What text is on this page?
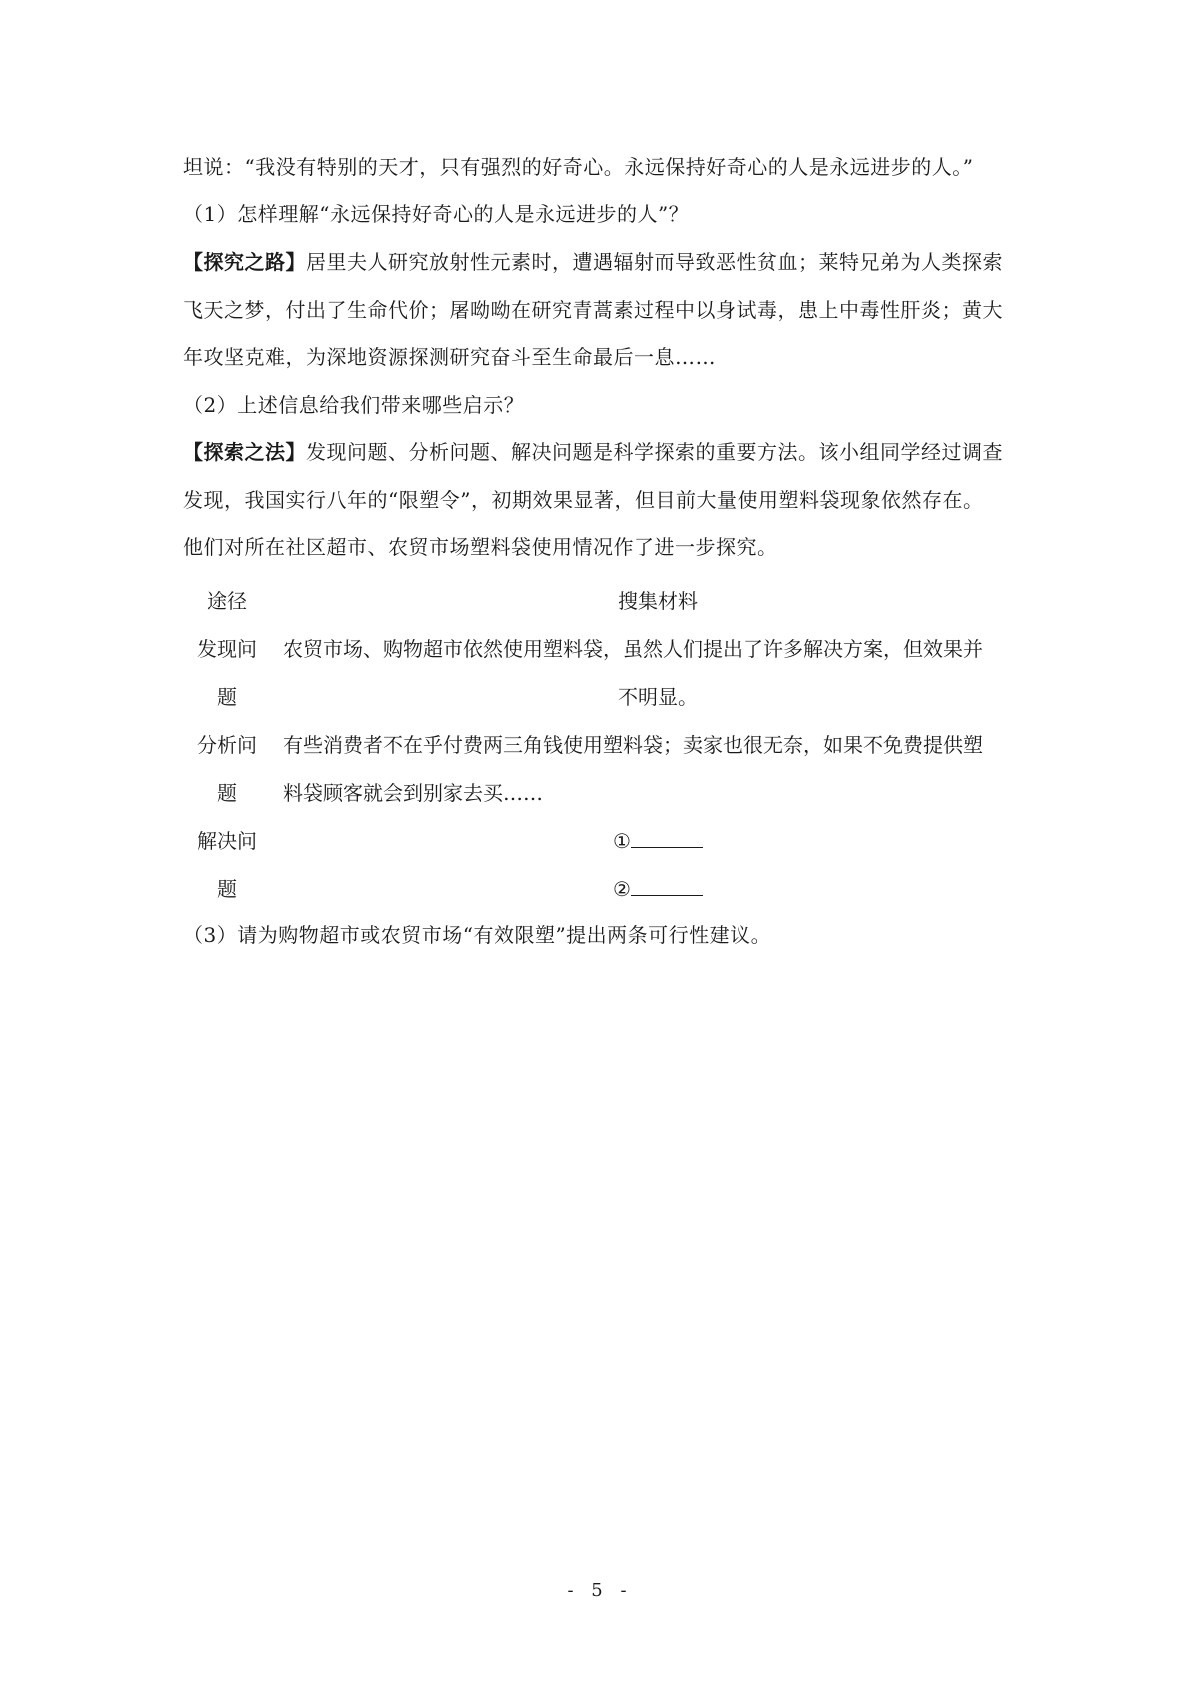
坦说：“我没有特别的天才，只有强烈的好奇心。永远保持好奇心的人是永远进步的人。”
（1）怎样理解“永远保持好奇心的人是永远进步的人”？
【探究之路】居里夫人研究放射性元素时，遭遇辐射而导致恶性贫血；莱特兄弟为人类探索
飞天之梦，付出了生命代价；屠呦呦在研究青蒿素过程中以身试毒，患上中毒性肝炎；黄大
年攻坚克难，为深地资源探测研究奋斗至生命最后一息……
（2）上述信息给我们带来哪些启示？
【探索之法】发现问题、分析问题、解决问题是科学探索的重要方法。该小组同学经过调查
发现，我国实行八年的“限塑令”，初期效果显著，但目前大量使用塑料袋现象依然存在。
他们对所在社区超市、农贸市场塑料袋使用情况作了进一步探究。
途径	搜集材料
发现问
题
农贸市场、购物超市依然使用塑料袋，虽然人们提出了许多解决方案，但效果并
不明显。
分析问
题
有些消费者不在乎付费两三角钱使用塑料袋；卖家也很无奈，如果不免费提供塑
料袋顾客就会到别家去买……
解决问
题
①
②
（3）请为购物超市或农贸市场“有效限塑”提出两条可行性建议。
- 5 -
